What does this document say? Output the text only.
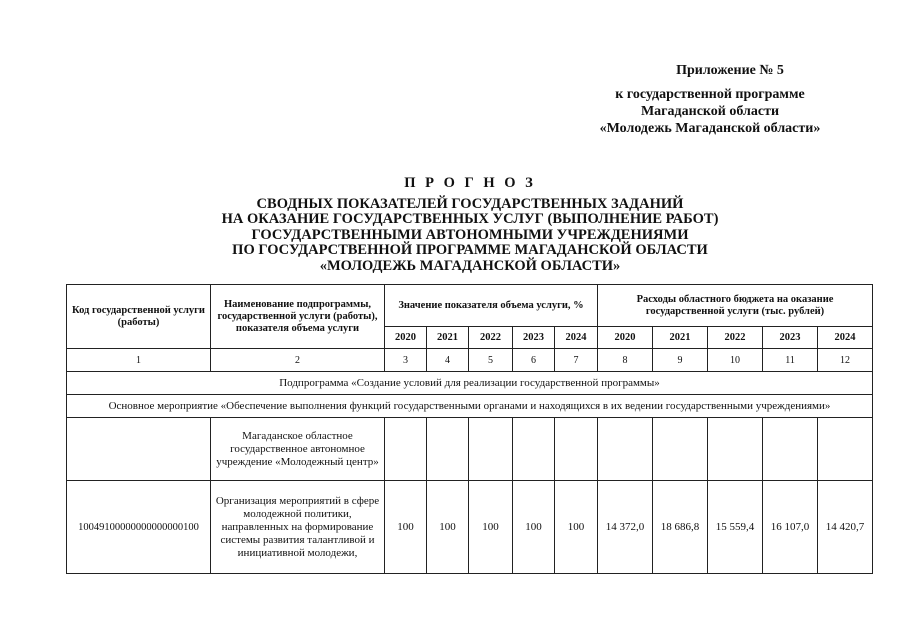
Приложение № 5
к государственной программе
Магаданской области
«Молодежь Магаданской области»
П Р О Г Н О З
СВОДНЫХ ПОКАЗАТЕЛЕЙ ГОСУДАРСТВЕННЫХ ЗАДАНИЙ
НА ОКАЗАНИЕ ГОСУДАРСТВЕННЫХ УСЛУГ (ВЫПОЛНЕНИЕ РАБОТ)
ГОСУДАРСТВЕННЫМИ АВТОНОМНЫМИ УЧРЕЖДЕНИЯМИ
ПО ГОСУДАРСТВЕННОЙ ПРОГРАММЕ МАГАДАНСКОЙ ОБЛАСТИ
«МОЛОДЕЖЬ МАГАДАНСКОЙ ОБЛАСТИ»
Код государственной услуги (работы)	Наименование подпрограммы, государственной услуги (работы), показателя объема услуги	Значение показателя объема услуги, %					Расходы областного бюджета на оказание государственной услуги (тыс. рублей)				
		2020	2021	2022	2023	2024	2020	2021	2022	2023	2024
1	2	3	4	5	6	7	8	9	10	11	12
Подпрограмма «Создание условий для реализации государственной программы»											
Основное мероприятие «Обеспечение выполнения функций государственными органами и находящихся в их ведении государственными учреждениями»											
	Магаданское областное государственное автономное учреждение «Молодежный центр»										
10049100000000000000100	Организация мероприятий в сфере молодежной политики, направленных на формирование системы развития талантливой и инициативной молодежи,	100	100	100	100	100	14 372,0	18 686,8	15 559,4	16 107,0	14 420,7
